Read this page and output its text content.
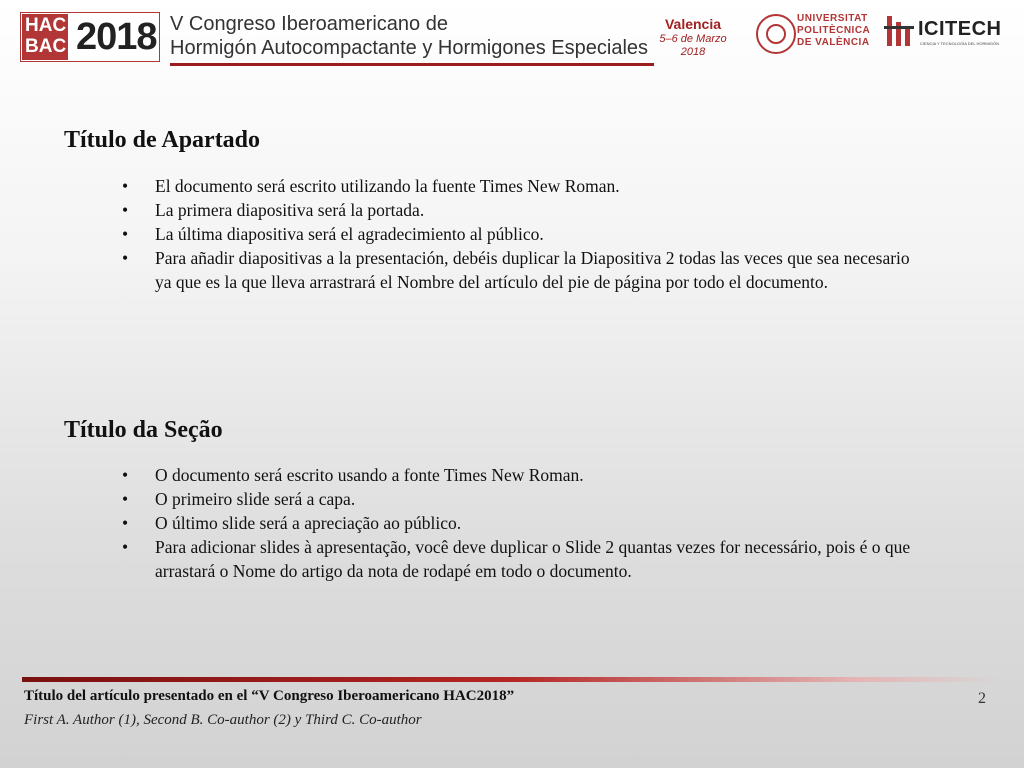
HAC
BAC 2018 V Congreso Iberoamericano de
Hormigón Autocompactante y Hormigones Especiales
Valencia
5–6 de Marzo
2018
UNIVERSITAT
POLITÈCNICA
DE VALÈNCIA
ICITECH
CIENCIA Y TECNOLOGÍA DEL HORMIGÓN
Título de Apartado
• El documento será escrito utilizando la fuente Times New Roman.
• La primera diapositiva será la portada.
• La última diapositiva será el agradecimiento al público.
• Para añadir diapositivas a la presentación, debéis duplicar la Diapositiva 2 todas las veces que sea necesario ya que es la que lleva arrastrará el Nombre del artículo del pie de página por todo el documento.
Título da Seção
• O documento será escrito usando a fonte Times New Roman.
• O primeiro slide será a capa.
• O último slide será a apreciação ao público.
• Para adicionar slides à apresentação, você deve duplicar o Slide 2 quantas vezes for necessário, pois é o que arrastará o Nome do artigo da nota de rodapé em todo o documento.
Título del artículo presentado en el “V Congreso Iberoamericano HAC2018”
First A. Author (1), Second B. Co-author (2) y Third C. Co-author
2
